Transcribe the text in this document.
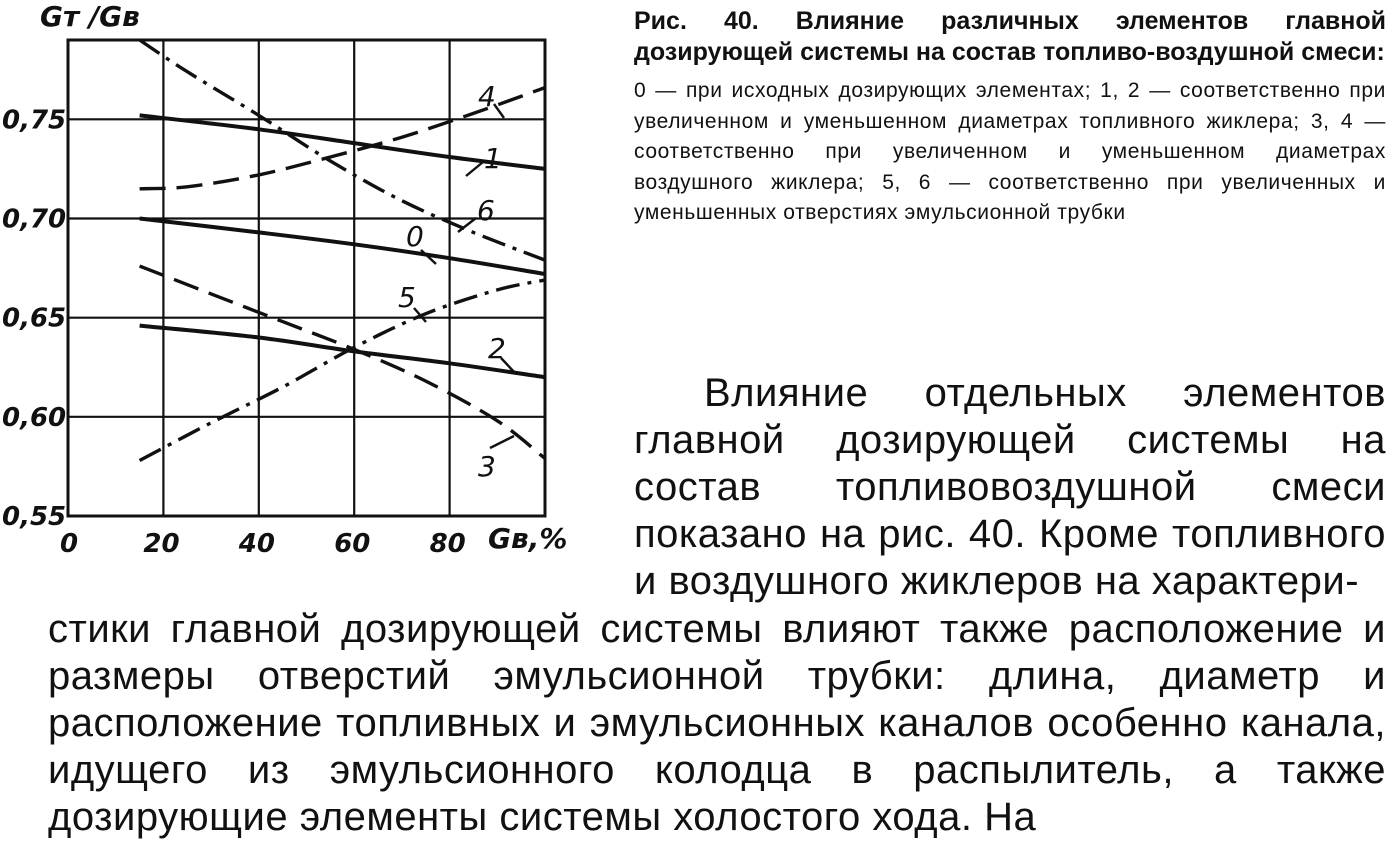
0	20 40 60 80
0,55
0,60
0,65
0,70
0,75
0
1
2
3
4
5
6
Gт /Gв
Gв,%

Рис. 40. Влияние различных элементов главной дозирующей системы на состав топливо-воздушной смеси:

0 — при исходных дозирующих элементах; 1, 2 — соответственно при увеличенном и уменьшенном диаметрах топливного жиклера; 3, 4 — соответственно при увеличенном и уменьшенном диаметрах воздушного жиклера; 5, 6 — соответственно при увеличенных и уменьшенных отверстиях эмульсионной трубки

Влияние отдельных элементов главной дозирующей системы на состав топливовоздушной смеси показано на рис. 40. Кроме топливного и воздушного жиклеров на характери-

стики главной дозирующей системы влияют также расположение и размеры отверстий эмульсионной трубки: длина, диаметр и расположение топливных и эмульсионных каналов особенно канала, идущего из эмульсионного колодца в распылитель, а также дозирующие элементы системы холостого хода. На
